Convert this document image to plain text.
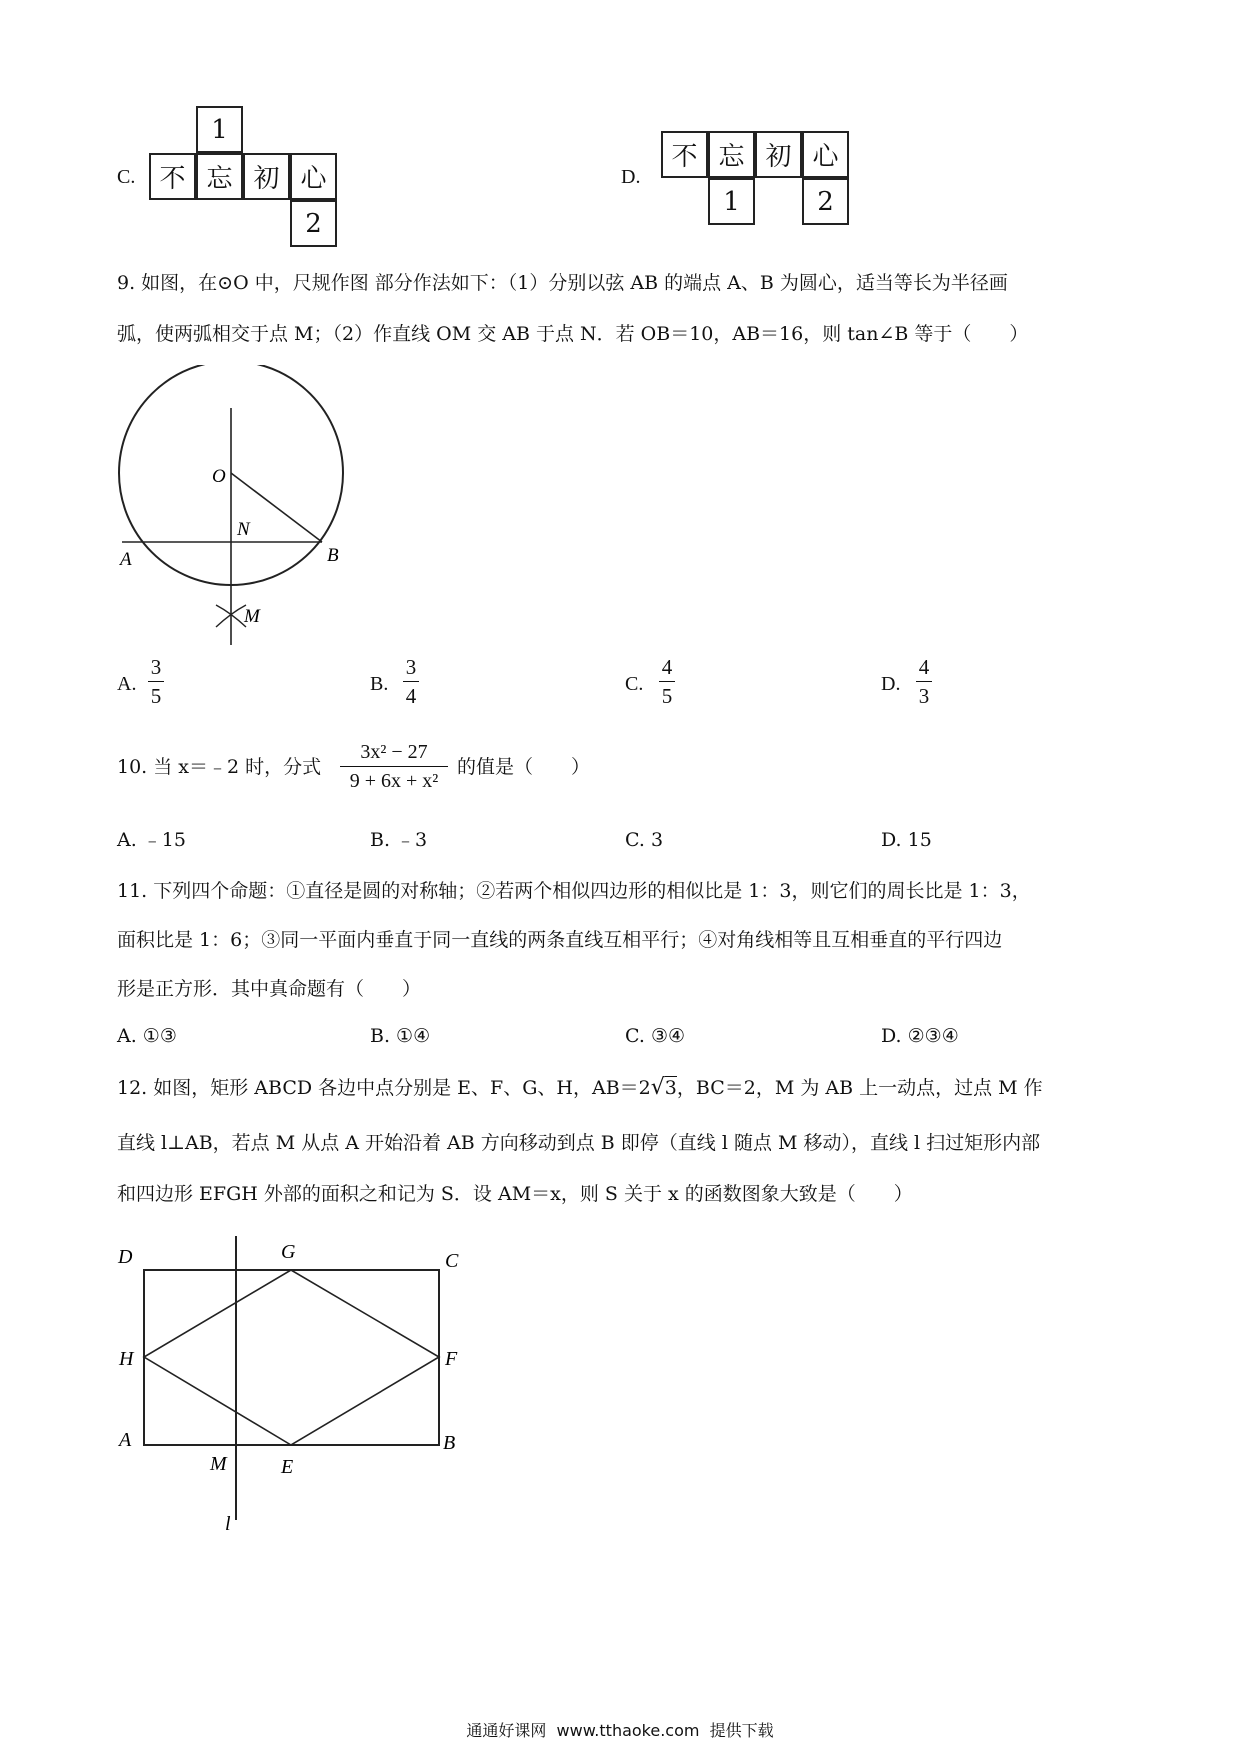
C.
1
不 忘 初 心
2
D.
不 忘 初 心
1	2
9. 如图，在⊙O 中，尺规作图 部分作法如下：（1）分别以弦 AB 的端点 A、B 为圆心，适当等长为半径画
弧，使两弧相交于点 M；（2）作直线 OM 交 AB 于点 N．若 OB＝10，AB＝16，则 tan∠B 等于（　　）
O
N
A	B
M
A.
3
5	B.
3
4	C.
4
5	D.
4
3
10. 当 x＝﹣2 时，分式
3x² − 27
9 + 6x + x²
的值是（　　）
A. ﹣15	B. ﹣3	C. 3	D. 15
11. 下列四个命题：①直径是圆的对称轴；②若两个相似四边形的相似比是 1：3，则它们的周长比是 1：3，
面积比是 1：6；③同一平面内垂直于同一直线的两条直线互相平行；④对角线相等且互相垂直的平行四边
形是正方形．其中真命题有（　　）
A. ①③	B. ①④	C. ③④	D. ②③④
12. 如图，矩形 ABCD 各边中点分别是 E、F、G、H，AB＝2√3，BC＝2，M 为 AB 上一动点，过点 M 作
直线 l⊥AB，若点 M 从点 A 开始沿着 AB 方向移动到点 B 即停（直线 l 随点 M 移动），直线 l 扫过矩形内部
和四边形 EFGH 外部的面积之和记为 S．设 AM＝x，则 S 关于 x 的函数图象大致是（　　）
D	G	C
H	F
A
M	E
B
l
通通好课网  www.tthaoke.com  提供下载
